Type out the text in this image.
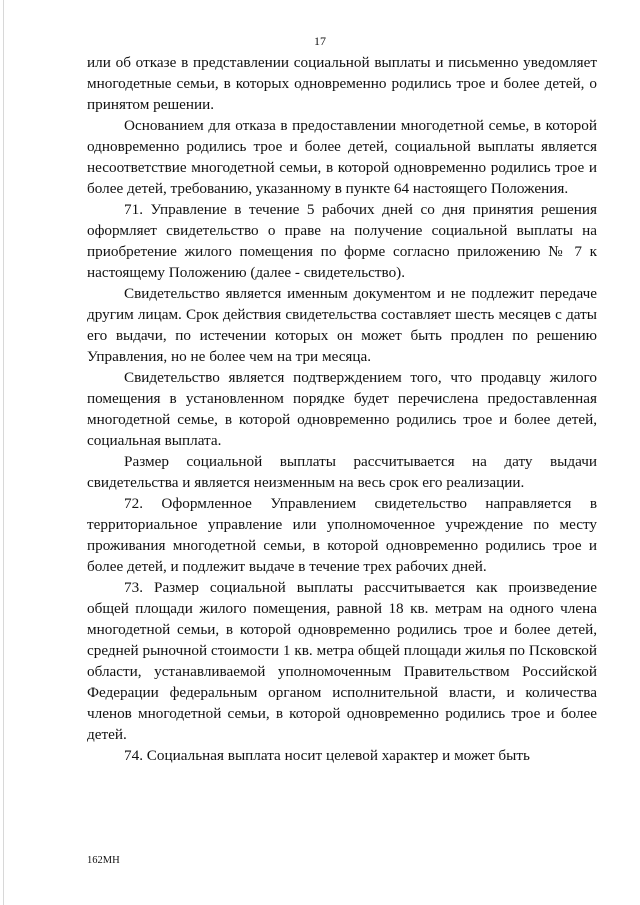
17

или об отказе в представлении социальной выплаты и письменно уведомляет многодетные семьи, в которых одновременно родились трое и более детей, о принятом решении.

Основанием для отказа в предоставлении многодетной семье, в которой одновременно родились трое и более детей, социальной выплаты является несоответствие многодетной семьи, в которой одновременно родились трое и более детей, требованию, указанному в пункте 64 настоящего Положения.

71. Управление в течение 5 рабочих дней со дня принятия решения оформляет свидетельство о праве на получение социальной выплаты на приобретение жилого помещения по форме согласно приложению № 7 к настоящему Положению (далее - свидетельство).

Свидетельство является именным документом и не подлежит передаче другим лицам. Срок действия свидетельства составляет шесть месяцев с даты его выдачи, по истечении которых он может быть продлен по решению Управления, но не более чем на три месяца.

Свидетельство является подтверждением того, что продавцу жилого помещения в установленном порядке будет перечислена предоставленная многодетной семье, в которой одновременно родились трое и более детей, социальная выплата.

Размер социальной выплаты рассчитывается на дату выдачи свидетельства и является неизменным на весь срок его реализации.

72. Оформленное Управлением свидетельство направляется в территориальное управление или уполномоченное учреждение по месту проживания многодетной семьи, в которой одновременно родились трое и более детей, и подлежит выдаче в течение трех рабочих дней.

73. Размер социальной выплаты рассчитывается как произведение общей площади жилого помещения, равной 18 кв. метрам на одного члена многодетной семьи, в которой одновременно родились трое и более детей, средней рыночной стоимости 1 кв. метра общей площади жилья по Псковской области, устанавливаемой уполномоченным Правительством Российской Федерации федеральным органом исполнительной власти, и количества членов многодетной семьи, в которой одновременно родились трое и более детей.

74. Социальная выплата носит целевой характер и может быть

162МН
